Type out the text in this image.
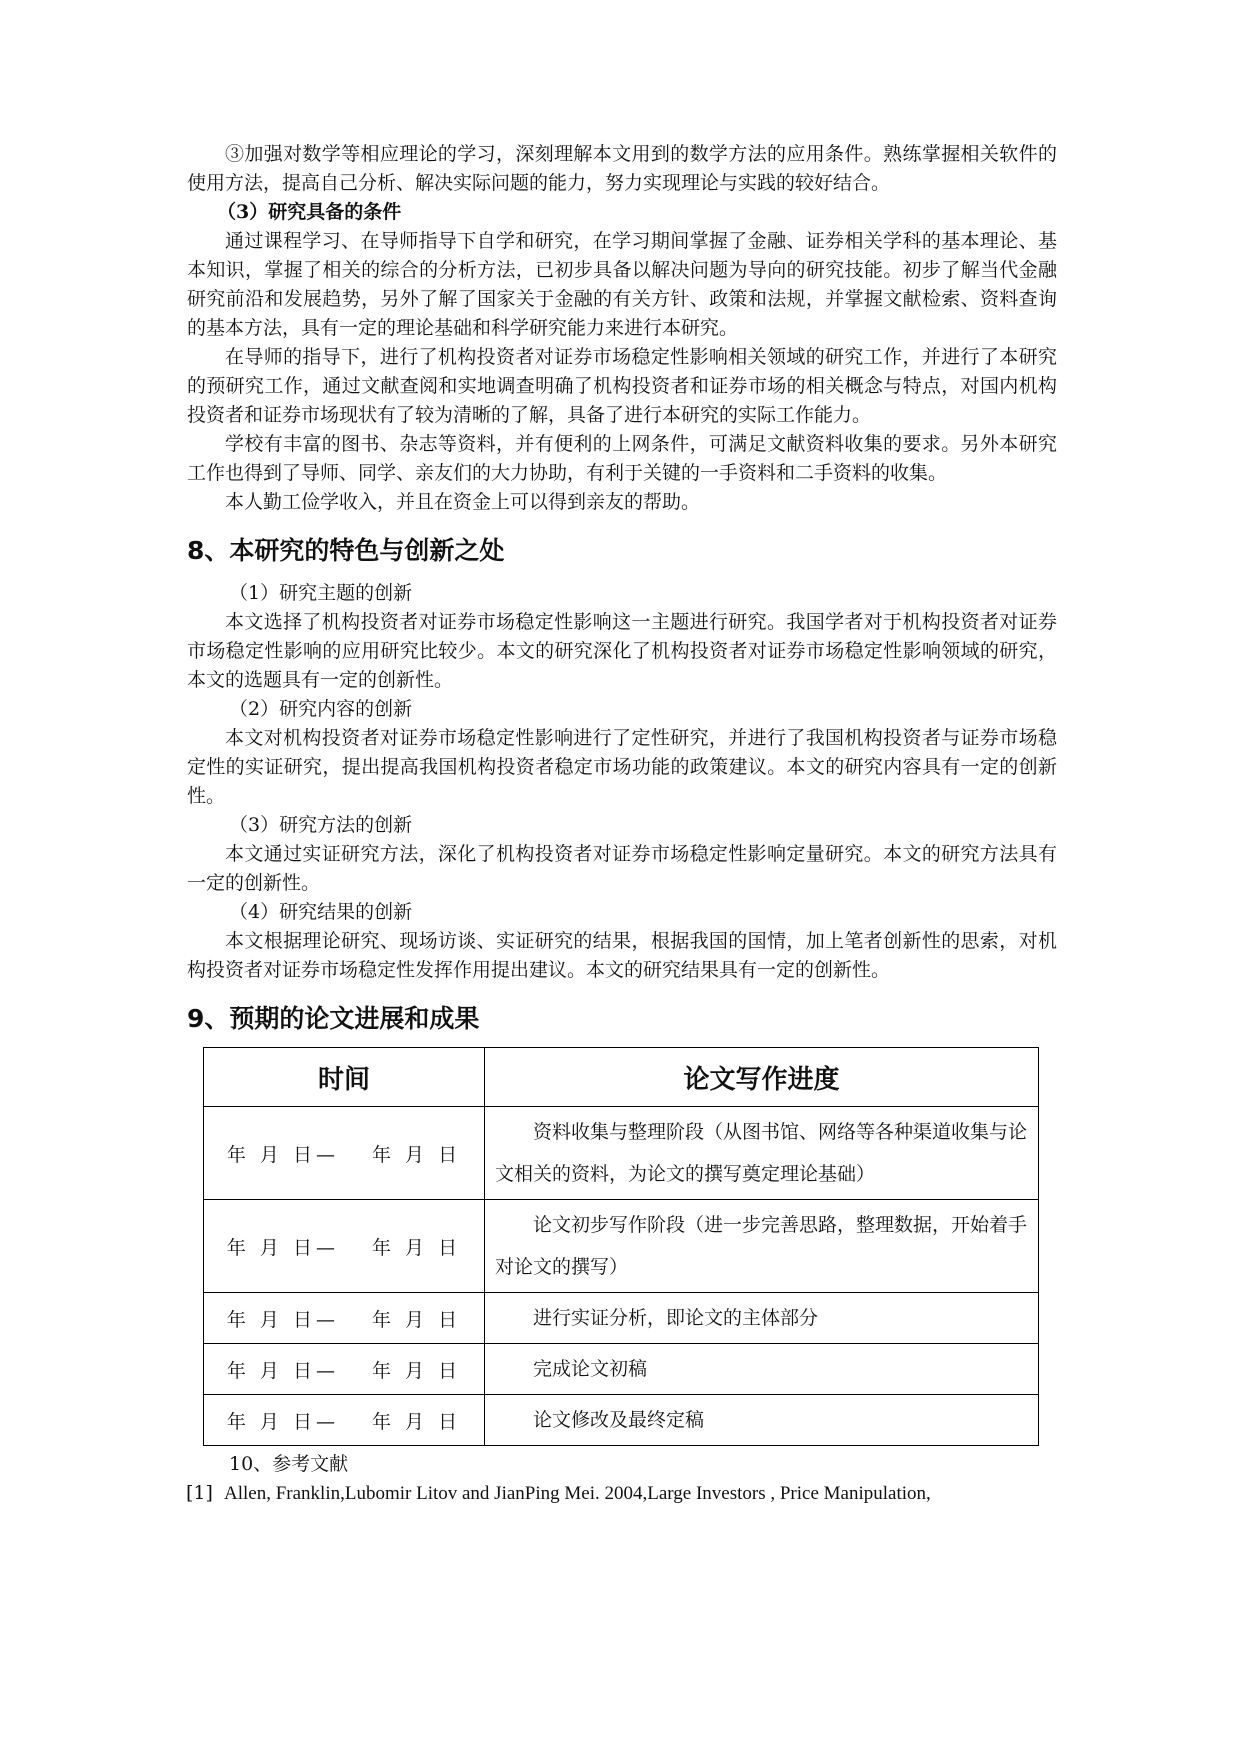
③加强对数学等相应理论的学习，深刻理解本文用到的数学方法的应用条件。熟练掌握相关软件的使用方法，提高自己分析、解决实际问题的能力，努力实现理论与实践的较好结合。

（3）研究具备的条件

通过课程学习、在导师指导下自学和研究，在学习期间掌握了金融、证券相关学科的基本理论、基本知识，掌握了相关的综合的分析方法，已初步具备以解决问题为导向的研究技能。初步了解当代金融研究前沿和发展趋势，另外了解了国家关于金融的有关方针、政策和法规，并掌握文献检索、资料查询的基本方法，具有一定的理论基础和科学研究能力来进行本研究。

在导师的指导下，进行了机构投资者对证券市场稳定性影响相关领域的研究工作，并进行了本研究的预研究工作，通过文献查阅和实地调查明确了机构投资者和证券市场的相关概念与特点，对国内机构投资者和证券市场现状有了较为清晰的了解，具备了进行本研究的实际工作能力。

学校有丰富的图书、杂志等资料，并有便利的上网条件，可满足文献资料收集的要求。另外本研究工作也得到了导师、同学、亲友们的大力协助，有利于关键的一手资料和二手资料的收集。

本人勤工俭学收入，并且在资金上可以得到亲友的帮助。

8、本研究的特色与创新之处

（1）研究主题的创新

本文选择了机构投资者对证券市场稳定性影响这一主题进行研究。我国学者对于机构投资者对证券市场稳定性影响的应用研究比较少。本文的研究深化了机构投资者对证券市场稳定性影响领域的研究，本文的选题具有一定的创新性。

（2）研究内容的创新

本文对机构投资者对证券市场稳定性影响进行了定性研究，并进行了我国机构投资者与证券市场稳定性的实证研究，提出提高我国机构投资者稳定市场功能的政策建议。本文的研究内容具有一定的创新性。

（3）研究方法的创新

本文通过实证研究方法，深化了机构投资者对证券市场稳定性影响定量研究。本文的研究方法具有一定的创新性。

（4）研究结果的创新

本文根据理论研究、现场访谈、实证研究的结果，根据我国的国情，加上笔者创新性的思索，对机构投资者对证券市场稳定性发挥作用提出建议。本文的研究结果具有一定的创新性。

9、预期的论文进展和成果
时间	论文写作进度
年 月 日—　 年 月 日	资料收集与整理阶段（从图书馆、网络等各种渠道收集与论文相关的资料，为论文的撰写奠定理论基础）
年 月 日—　 年 月 日	论文初步写作阶段（进一步完善思路，整理数据，开始着手对论文的撰写）
年 月 日—　 年 月 日	进行实证分析，即论文的主体部分
年 月 日—　 年 月 日	完成论文初稿
年 月 日—　 年 月 日	论文修改及最终定稿

10、参考文献

[1] Allen, Franklin,Lubomir Litov and JianPing Mei. 2004,Large Investors , Price Manipulation,
